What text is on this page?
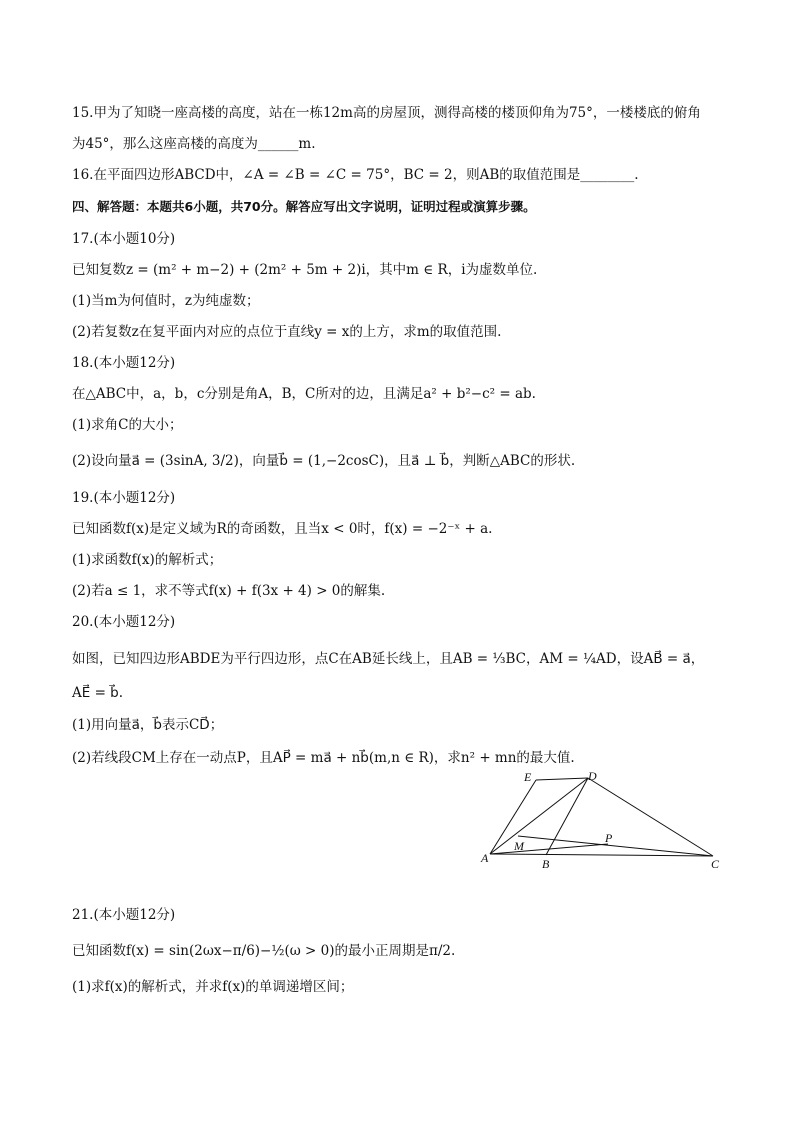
15.甲为了知晓一座高楼的高度，站在一栋12m高的房屋顶，测得高楼的楼顶仰角为75°，一楼楼底的俯角
为45°，那么这座高楼的高度为______m.
16.在平面四边形ABCD中，∠A = ∠B = ∠C = 75°，BC = 2，则AB的取值范围是________.
四、解答题：本题共6小题，共70分。解答应写出文字说明，证明过程或演算步骤。
17.(本小题10分)
已知复数z = (m² + m−2) + (2m² + 5m + 2)i，其中m ∈ R，i为虚数单位.
(1)当m为何值时，z为纯虚数；
(2)若复数z在复平面内对应的点位于直线y = x的上方，求m的取值范围.
18.(本小题12分)
在△ABC中，a，b，c分别是角A，B，C所对的边，且满足a² + b²−c² = ab.
(1)求角C的大小；
(2)设向量a⃗ = (3sinA, 3/2)，向量b⃗ = (1,−2cosC)，且a⃗ ⊥ b⃗，判断△ABC的形状.
19.(本小题12分)
已知函数f(x)是定义域为R的奇函数，且当x < 0时，f(x) = −2⁻ˣ + a.
(1)求函数f(x)的解析式；
(2)若a ≤ 1，求不等式f(x) + f(3x + 4) > 0的解集.
20.(本小题12分)
如图，已知四边形ABDE为平行四边形，点C在AB延长线上，且AB = ⅓BC，AM = ¼AD，设AB⃗ = a⃗，
AE⃗ = b⃗.
(1)用向量a⃗，b⃗表示CD⃗；
(2)若线段CM上存在一动点P，且AP⃗ = ma⃗ + nb⃗(m,n ∈ R)，求n² + mn的最大值.
E	D
A	B	C
M
P
21.(本小题12分)
已知函数f(x) = sin(2ωx−π/6)−½(ω > 0)的最小正周期是π/2.
(1)求f(x)的解析式，并求f(x)的单调递增区间；
